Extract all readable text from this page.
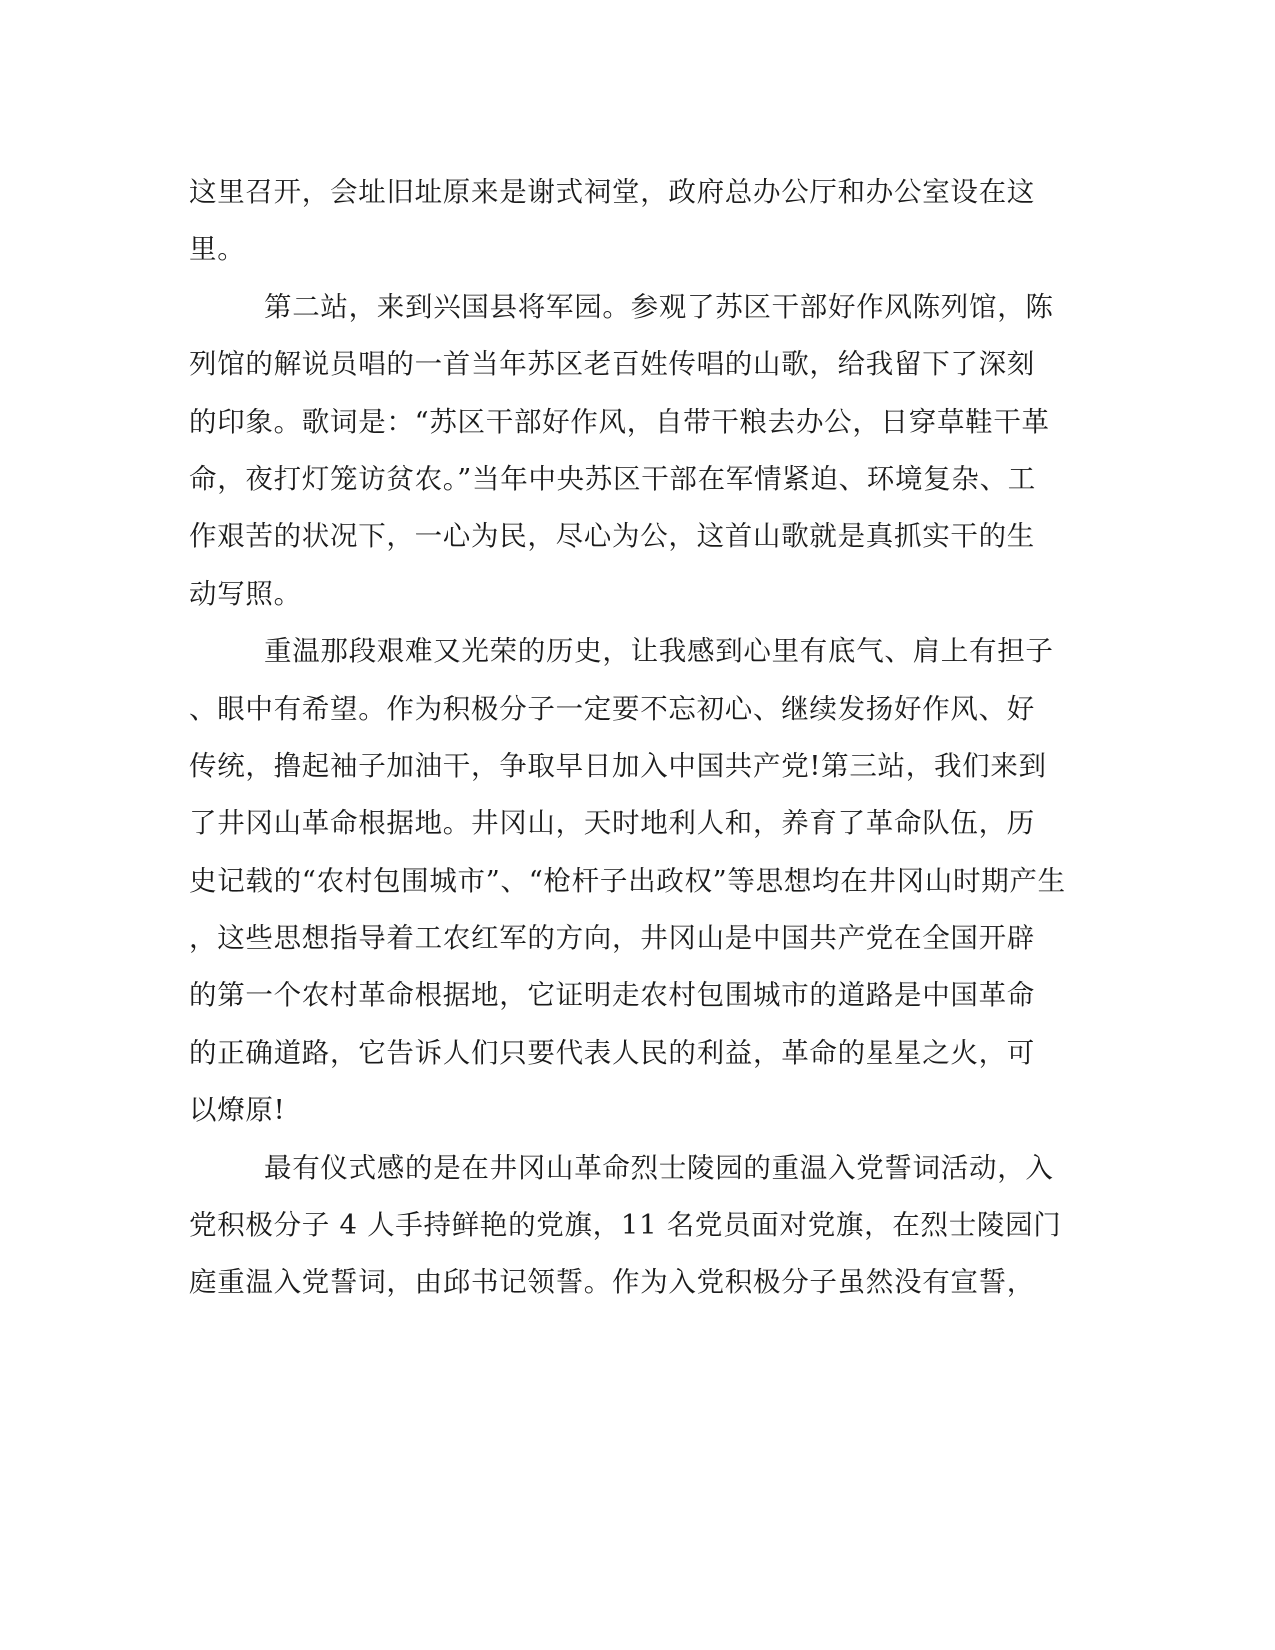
这里召开，会址旧址原来是谢式祠堂，政府总办公厅和办公室设在这
里。
第二站，来到兴国县将军园。参观了苏区干部好作风陈列馆，陈
列馆的解说员唱的一首当年苏区老百姓传唱的山歌，给我留下了深刻
的印象。歌词是：“苏区干部好作风，自带干粮去办公，日穿草鞋干革
命，夜打灯笼访贫农。”当年中央苏区干部在军情紧迫、环境复杂、工
作艰苦的状况下，一心为民，尽心为公，这首山歌就是真抓实干的生
动写照。
重温那段艰难又光荣的历史，让我感到心里有底气、肩上有担子
、眼中有希望。作为积极分子一定要不忘初心、继续发扬好作风、好
传统，撸起袖子加油干，争取早日加入中国共产党!第三站，我们来到
了井冈山革命根据地。井冈山，天时地利人和，养育了革命队伍，历
史记载的“农村包围城市”、“枪杆子出政权”等思想均在井冈山时期产生
，这些思想指导着工农红军的方向，井冈山是中国共产党在全国开辟
的第一个农村革命根据地，它证明走农村包围城市的道路是中国革命
的正确道路，它告诉人们只要代表人民的利益，革命的星星之火，可
以燎原!
最有仪式感的是在井冈山革命烈士陵园的重温入党誓词活动，入
党积极分子 4 人手持鲜艳的党旗，11 名党员面对党旗，在烈士陵园门
庭重温入党誓词，由邱书记领誓。作为入党积极分子虽然没有宣誓，
